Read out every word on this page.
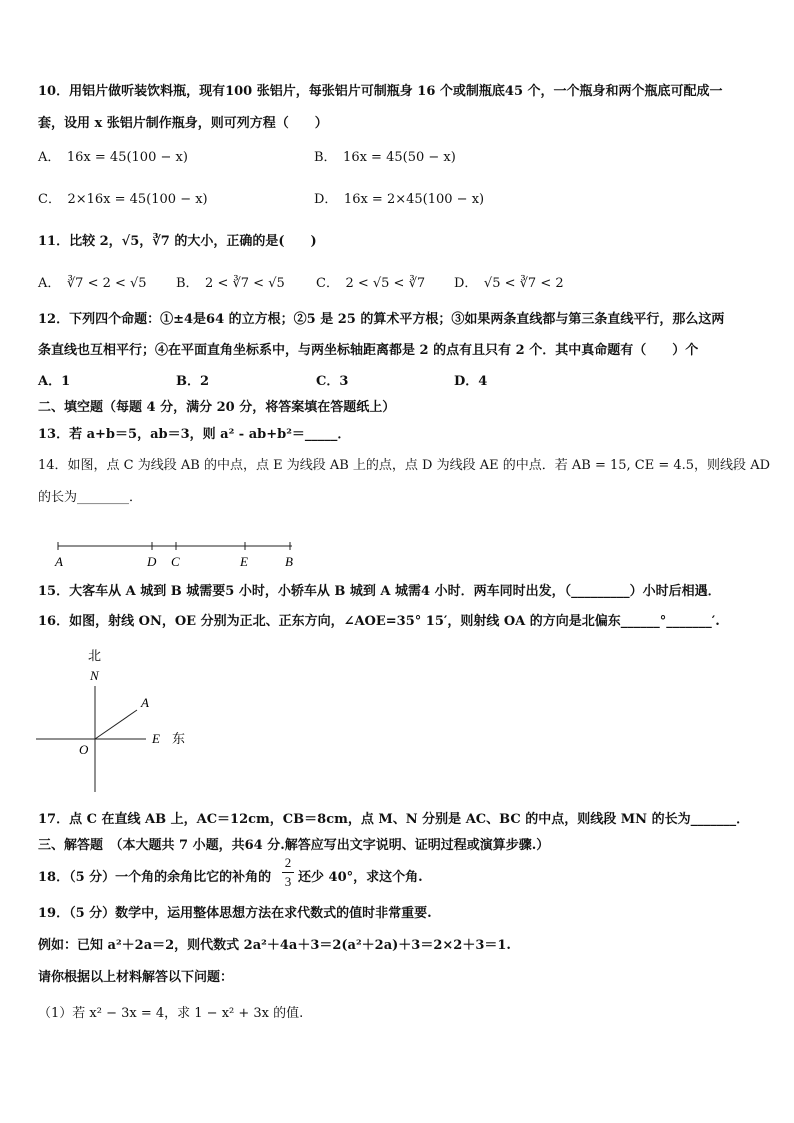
10．用铝片做听装饮料瓶，现有100 张铝片，每张铝片可制瓶身 16 个或制瓶底45 个，一个瓶身和两个瓶底可配成一
套，设用 x 张铝片制作瓶身，则可列方程（　　）
A．　16x = 45(100 − x)	B．　16x = 45(50 − x)
C．　2×16x = 45(100 − x)	D．　16x = 2×45(100 − x)
11．比较 2，√5，∛7 的大小，正确的是(　　)
A．　∛7 < 2 < √5 B．　2 < ∛7 < √5 C．　2 < √5 < ∛7 D．　√5 < ∛7 < 2
12．下列四个命题：①±4是64 的立方根；②5 是 25 的算术平方根；③如果两条直线都与第三条直线平行，那么这两
条直线也互相平行；④在平面直角坐标系中，与两坐标轴距离都是 2 的点有且只有 2 个．其中真命题有（　　）个
A．1	B．2	C．3	D．4
二、填空题（每题 4 分，满分 20 分，将答案填在答题纸上）
13．若 a+b＝5，ab＝3，则 a² - ab+b²＝_____．
14．如图，点 C 为线段 AB 的中点，点 E 为线段 AB 上的点，点 D 为线段 AE 的中点．若 AB = 15, CE = 4.5，则线段 AD
的长为________．
A	D C	E	B
15．大客车从 A 城到 B 城需要5 小时，小轿车从 B 城到 A 城需4 小时．两车同时出发，（_________）小时后相遇．
16．如图，射线 ON，OE 分别为正北、正东方向，∠AOE=35° 15′，则射线 OA 的方向是北偏东______°_______′.
北
N
A
E 东
O
17．点 C 在直线 AB 上，AC＝12cm，CB＝8cm，点 M、N 分别是 AC、BC 的中点，则线段 MN 的长为_______．
三、解答题　（本大题共 7 小题，共64 分.解答应写出文字说明、证明过程或演算步骤.）
18．（5 分）一个角的余角比它的补角的
2
3 还少 40°，求这个角.
19．（5 分）数学中，运用整体思想方法在求代数式的值时非常重要.
例如：已知 a²＋2a＝2，则代数式 2a²＋4a＋3＝2(a²＋2a)＋3＝2×2＋3＝1.
请你根据以上材料解答以下问题：
（1）若 x² − 3x = 4，求 1 − x² + 3x 的值.
